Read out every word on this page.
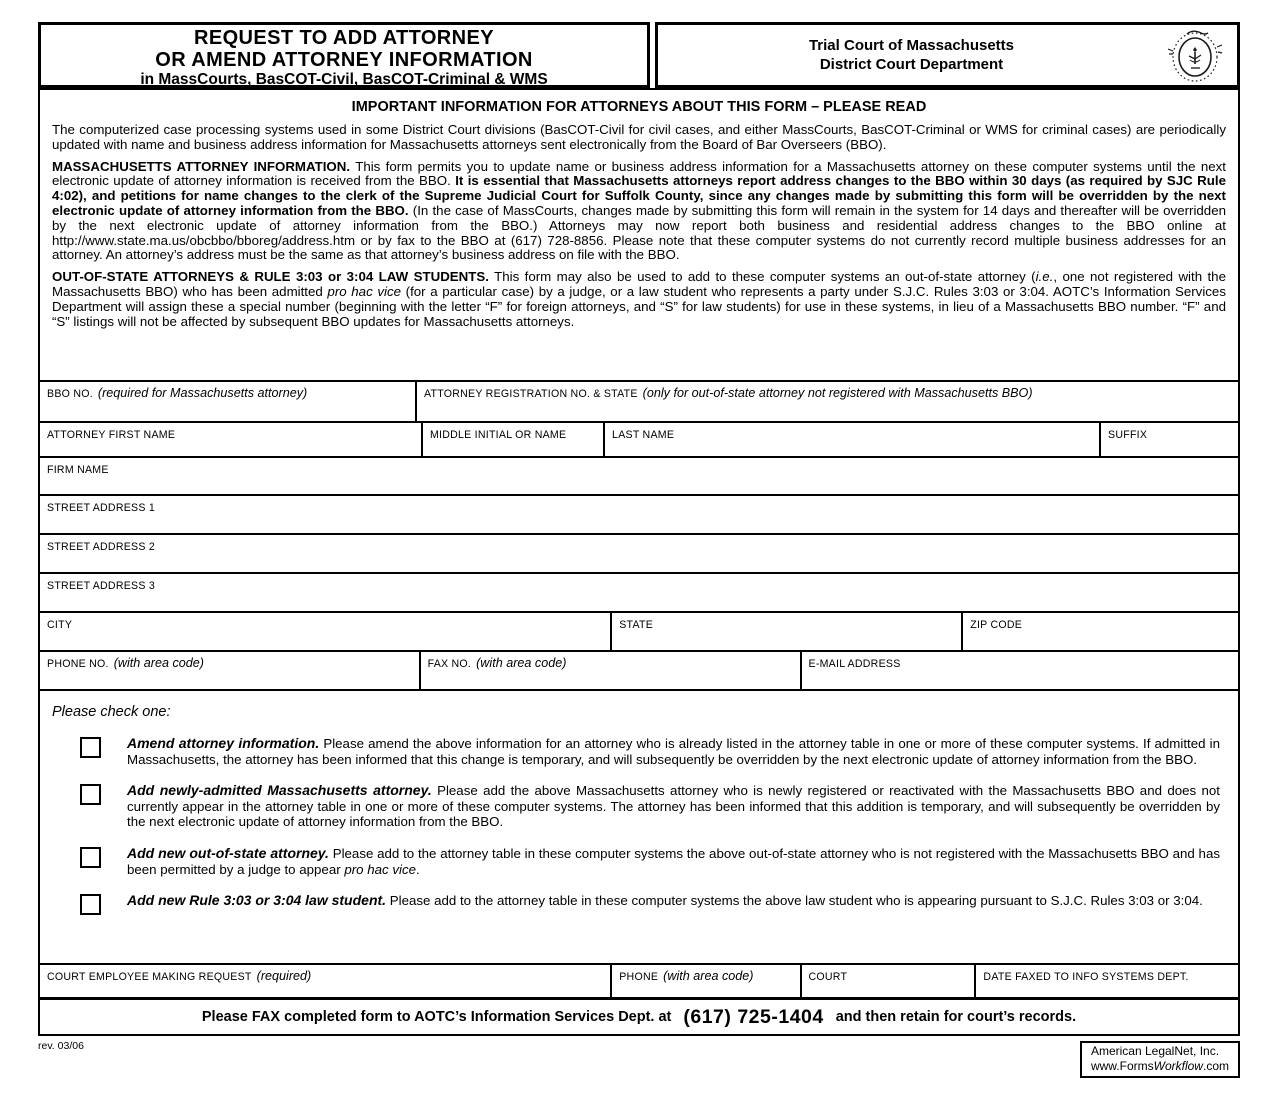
REQUEST TO ADD ATTORNEY
OR AMEND ATTORNEY INFORMATION
in MassCourts, BasCOT-Civil, BasCOT-Criminal & WMS
Trial Court of Massachusetts
District Court Department
IMPORTANT INFORMATION FOR ATTORNEYS ABOUT THIS FORM – PLEASE READ

The computerized case processing systems used in some District Court divisions (BasCOT-Civil for civil cases, and either MassCourts, BasCOT-Criminal or WMS for criminal cases) are periodically updated with name and business address information for Massachusetts attorneys sent electronically from the Board of Bar Overseers (BBO).

MASSACHUSETTS ATTORNEY INFORMATION. This form permits you to update name or business address information for a Massachusetts attorney on these computer systems until the next electronic update of attorney information is received from the BBO. It is essential that Massachusetts attorneys report address changes to the BBO within 30 days (as required by SJC Rule 4:02), and petitions for name changes to the clerk of the Supreme Judicial Court for Suffolk County, since any changes made by submitting this form will be overridden by the next electronic update of attorney information from the BBO. (In the case of MassCourts, changes made by submitting this form will remain in the system for 14 days and thereafter will be overridden by the next electronic update of attorney information from the BBO.) Attorneys may now report both business and residential address changes to the BBO online at http://www.state.ma.us/obcbbo/bboreg/address.htm or by fax to the BBO at (617) 728-8856. Please note that these computer systems do not currently record multiple business addresses for an attorney. An attorney’s address must be the same as that attorney’s business address on file with the BBO.

OUT-OF-STATE ATTORNEYS & RULE 3:03 or 3:04 LAW STUDENTS. This form may also be used to add to these computer systems an out-of-state attorney (i.e., one not registered with the Massachusetts BBO) who has been admitted pro hac vice (for a particular case) by a judge, or a law student who represents a party under S.J.C. Rules 3:03 or 3:04. AOTC’s Information Services Department will assign these a special number (beginning with the letter “F” for foreign attorneys, and “S” for law students) for use in these systems, in lieu of a Massachusetts BBO number. “F” and “S” listings will not be affected by subsequent BBO updates for Massachusetts attorneys.

BBO NO. (required for Massachusetts attorney)	ATTORNEY REGISTRATION NO. & STATE (only for out-of-state attorney not registered with Massachusetts BBO)
ATTORNEY FIRST NAME	MIDDLE INITIAL OR NAME	LAST NAME	SUFFIX
FIRM NAME
STREET ADDRESS 1
STREET ADDRESS 2
STREET ADDRESS 3
CITY	STATE	ZIP CODE
PHONE NO. (with area code)	FAX NO. (with area code)	E-MAIL ADDRESS
Please check one:
Amend attorney information. Please amend the above information for an attorney who is already listed in the attorney table in one or more of these computer systems. If admitted in Massachusetts, the attorney has been informed that this change is temporary, and will subsequently be overridden by the next electronic update of attorney information from the BBO.
Add newly-admitted Massachusetts attorney. Please add the above Massachusetts attorney who is newly registered or reactivated with the Massachusetts BBO and does not currently appear in the attorney table in one or more of these computer systems. The attorney has been informed that this addition is temporary, and will subsequently be overridden by the next electronic update of attorney information from the BBO.
Add new out-of-state attorney. Please add to the attorney table in these computer systems the above out-of-state attorney who is not registered with the Massachusetts BBO and has been permitted by a judge to appear pro hac vice.
Add new Rule 3:03 or 3:04 law student. Please add to the attorney table in these computer systems the above law student who is appearing pursuant to S.J.C. Rules 3:03 or 3:04.
COURT EMPLOYEE MAKING REQUEST (required)	PHONE (with area code)	COURT	DATE FAXED TO INFO SYSTEMS DEPT.
Please FAX completed form to AOTC’s Information Services Dept. at (617) 725-1404 and then retain for court’s records.
rev. 03/06	American LegalNet, Inc.
www.FormsWorkflow.com
